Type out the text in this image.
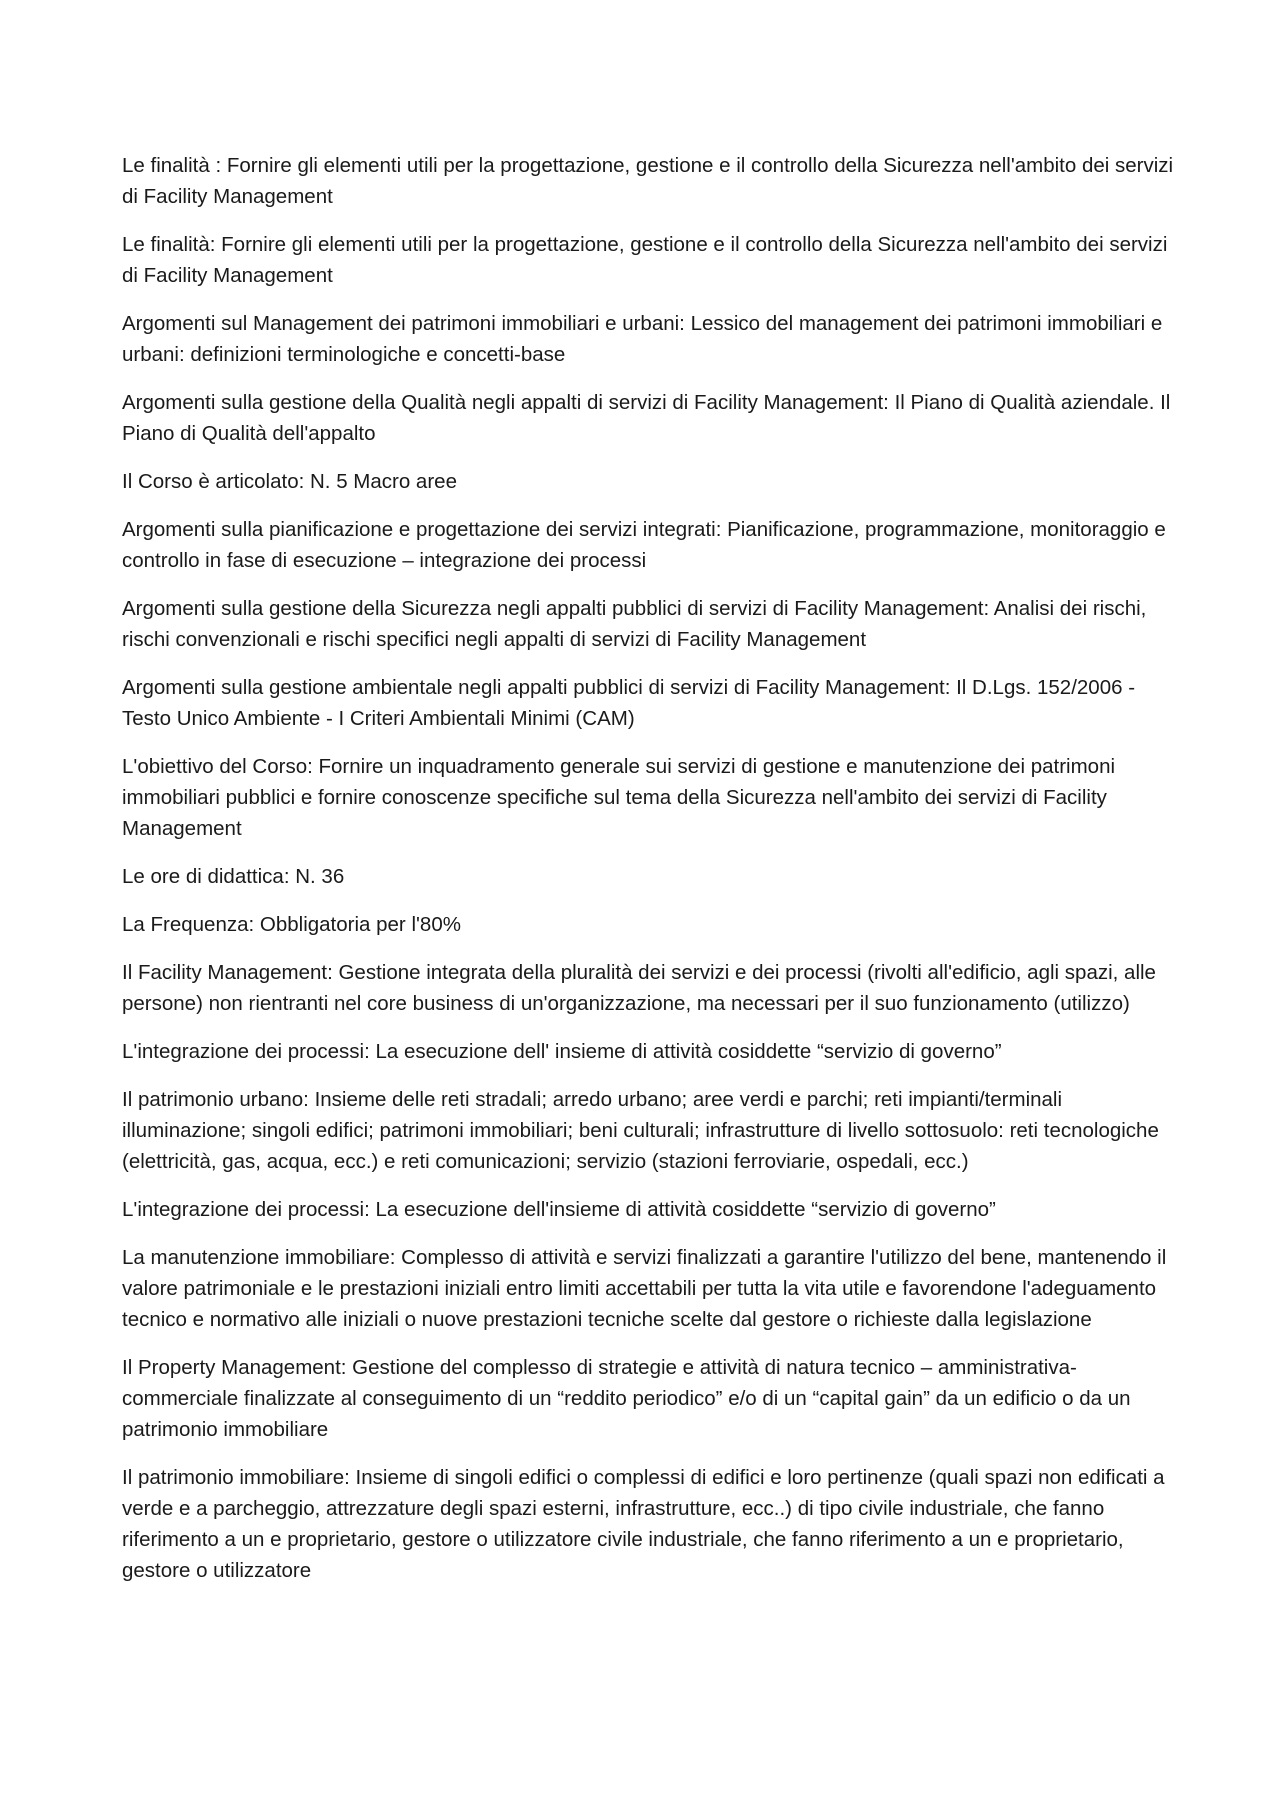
Le finalità : Fornire gli elementi utili per la progettazione, gestione e il controllo della Sicurezza nell'ambito dei servizi di Facility Management

Le finalità: Fornire gli elementi utili per la progettazione, gestione e il controllo della Sicurezza nell'ambito dei servizi di Facility Management

Argomenti sul Management dei patrimoni immobiliari e urbani: Lessico del management dei patrimoni immobiliari e urbani: definizioni terminologiche e concetti-base

Argomenti sulla gestione della Qualità negli appalti di servizi di Facility Management: Il Piano di Qualità aziendale. Il Piano di Qualità dell'appalto

Il Corso è articolato: N. 5 Macro aree

Argomenti sulla pianificazione e progettazione dei servizi integrati: Pianificazione, programmazione, monitoraggio e controllo in fase di esecuzione – integrazione dei processi

Argomenti sulla gestione della Sicurezza negli appalti pubblici di servizi di Facility Management: Analisi dei rischi, rischi convenzionali e rischi specifici negli appalti di servizi di Facility Management

Argomenti sulla gestione ambientale negli appalti pubblici di servizi di Facility Management: Il D.Lgs. 152/2006 - Testo Unico Ambiente - I Criteri Ambientali Minimi (CAM)

L'obiettivo del Corso: Fornire un inquadramento generale sui servizi di gestione e manutenzione dei patrimoni immobiliari pubblici e fornire conoscenze specifiche sul tema della Sicurezza nell'ambito dei servizi di Facility Management

Le ore di didattica: N. 36

La Frequenza: Obbligatoria per l'80%

Il Facility Management: Gestione integrata della pluralità dei servizi e dei processi (rivolti all'edificio, agli spazi, alle persone) non rientranti nel core business di un'organizzazione, ma necessari per il suo funzionamento (utilizzo)

L'integrazione dei processi: La esecuzione dell' insieme di attività cosiddette “servizio di governo”

Il patrimonio urbano: Insieme delle reti stradali; arredo urbano; aree verdi e parchi; reti impianti/terminali illuminazione; singoli edifici; patrimoni immobiliari; beni culturali; infrastrutture di livello sottosuolo: reti tecnologiche (elettricità, gas, acqua, ecc.) e reti comunicazioni; servizio (stazioni ferroviarie, ospedali, ecc.)

L'integrazione dei processi: La esecuzione dell'insieme di attività cosiddette “servizio di governo”

La manutenzione immobiliare: Complesso di attività e servizi finalizzati a garantire l'utilizzo del bene, mantenendo il valore patrimoniale e le prestazioni iniziali entro limiti accettabili per tutta la vita utile e favorendone l'adeguamento tecnico e normativo alle iniziali o nuove prestazioni tecniche scelte dal gestore o richieste dalla legislazione

Il Property Management: Gestione del complesso di strategie e attività di natura tecnico – amministrativa-commerciale finalizzate al conseguimento di un “reddito periodico” e/o di un “capital gain” da un edificio o da un patrimonio immobiliare

Il patrimonio immobiliare: Insieme di singoli edifici o complessi di edifici e loro pertinenze (quali spazi non edificati a verde e a parcheggio, attrezzature degli spazi esterni, infrastrutture, ecc..) di tipo civile industriale, che fanno riferimento a un e proprietario, gestore o utilizzatore civile industriale, che fanno riferimento a un e proprietario, gestore o utilizzatore
